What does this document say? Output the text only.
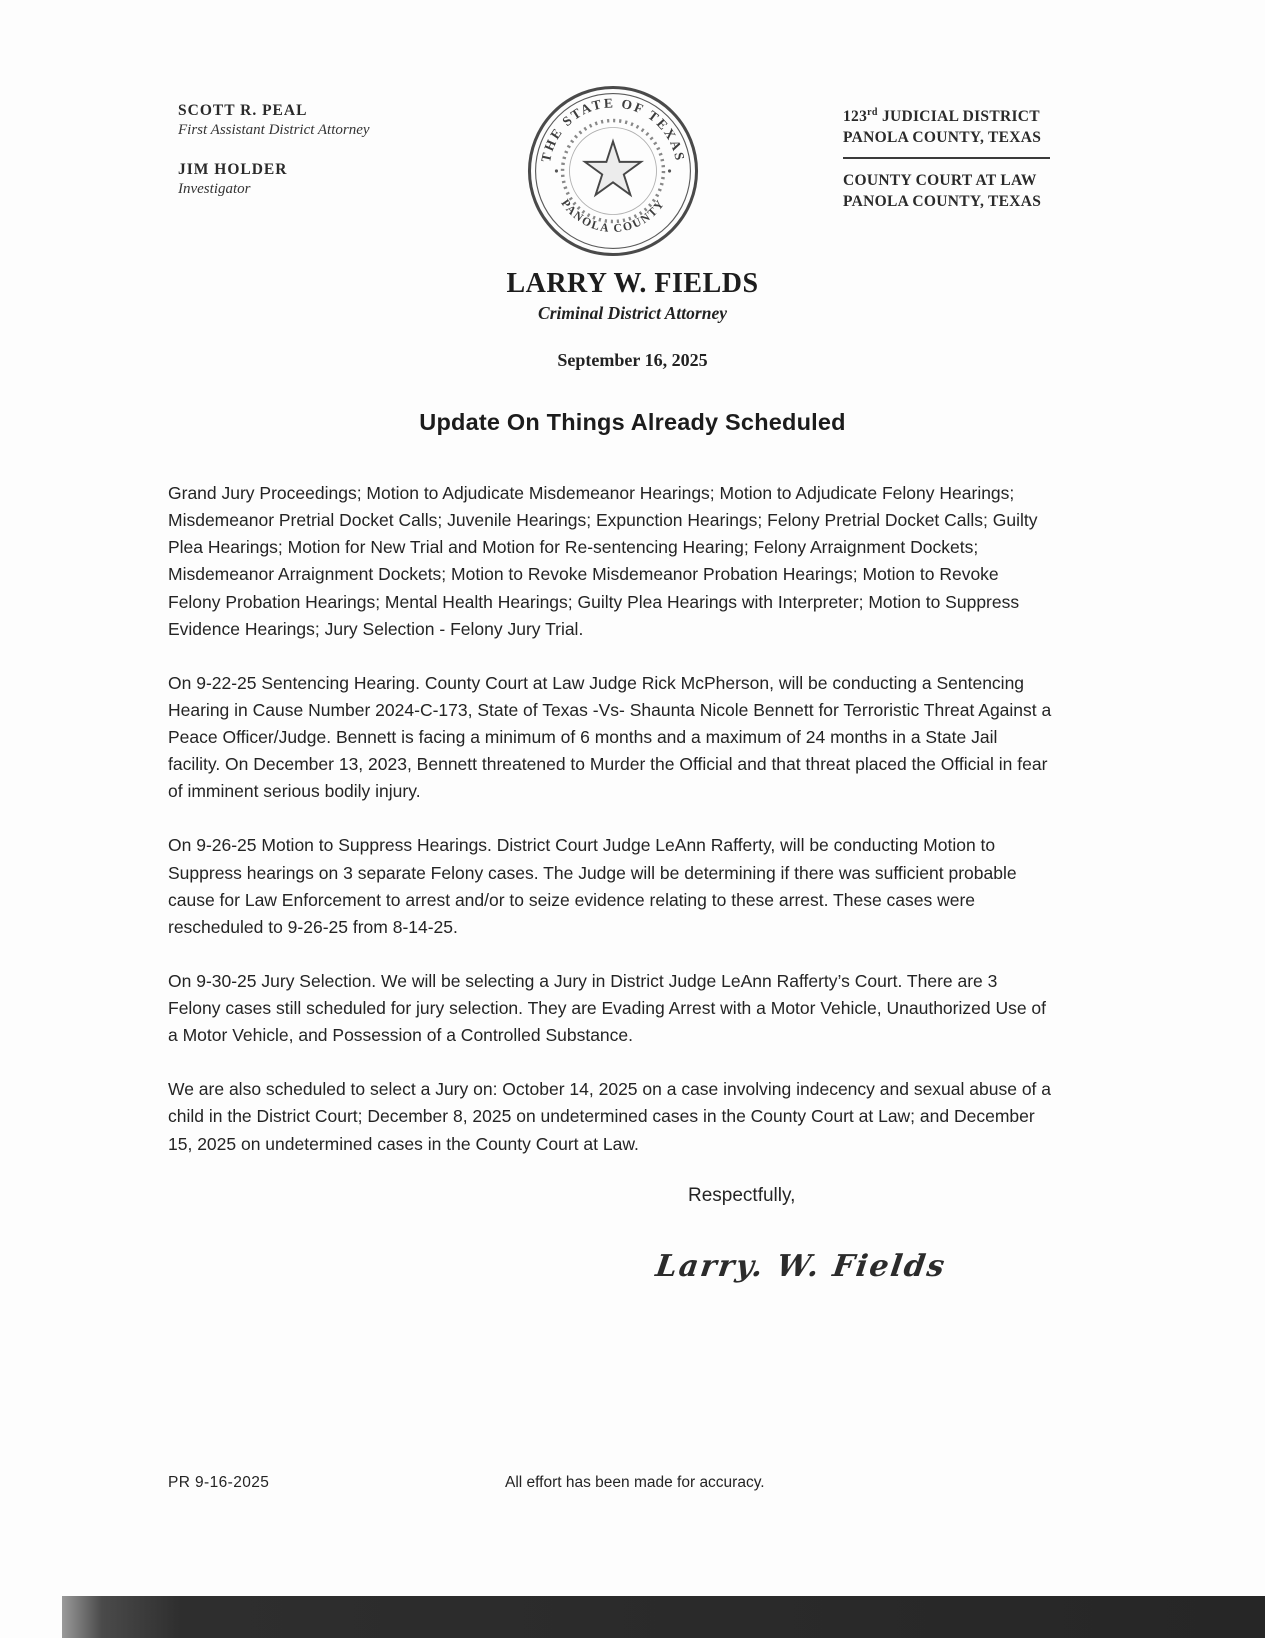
SCOTT R. PEAL
First Assistant District Attorney
JIM HOLDER
Investigator
THE STATE OF TEXAS
PANOLA COUNTY
123rd JUDICIAL DISTRICT
PANOLA COUNTY, TEXAS
COUNTY COURT AT LAW
PANOLA COUNTY, TEXAS
LARRY W. FIELDS
Criminal District Attorney
September 16, 2025
Update On Things Already Scheduled

Grand Jury Proceedings; Motion to Adjudicate Misdemeanor Hearings; Motion to Adjudicate Felony Hearings; Misdemeanor Pretrial Docket Calls; Juvenile Hearings; Expunction Hearings; Felony Pretrial Docket Calls; Guilty Plea Hearings; Motion for New Trial and Motion for Re-sentencing Hearing; Felony Arraignment Dockets; Misdemeanor Arraignment Dockets; Motion to Revoke Misdemeanor Probation Hearings; Motion to Revoke Felony Probation Hearings; Mental Health Hearings; Guilty Plea Hearings with Interpreter; Motion to Suppress Evidence Hearings; Jury Selection - Felony Jury Trial.

On 9-22-25 Sentencing Hearing. County Court at Law Judge Rick McPherson, will be conducting a Sentencing Hearing in Cause Number 2024-C-173, State of Texas -Vs- Shaunta Nicole Bennett for Terroristic Threat Against a Peace Officer/Judge. Bennett is facing a minimum of 6 months and a maximum of 24 months in a State Jail facility. On December 13, 2023, Bennett threatened to Murder the Official and that threat placed the Official in fear of imminent serious bodily injury.

On 9-26-25 Motion to Suppress Hearings. District Court Judge LeAnn Rafferty, will be conducting Motion to Suppress hearings on 3 separate Felony cases. The Judge will be determining if there was sufficient probable cause for Law Enforcement to arrest and/or to seize evidence relating to these arrest. These cases were rescheduled to 9-26-25 from 8-14-25.

On 9-30-25 Jury Selection. We will be selecting a Jury in District Judge LeAnn Rafferty’s Court. There are 3 Felony cases still scheduled for jury selection. They are Evading Arrest with a Motor Vehicle, Unauthorized Use of a Motor Vehicle, and Possession of a Controlled Substance.

We are also scheduled to select a Jury on: October 14, 2025 on a case involving indecency and sexual abuse of a child in the District Court; December 8, 2025 on undetermined cases in the County Court at Law; and December 15, 2025 on undetermined cases in the County Court at Law.

Respectfully,
Larry. W. Fields
PR 9-16-2025	All effort has been made for accuracy.
